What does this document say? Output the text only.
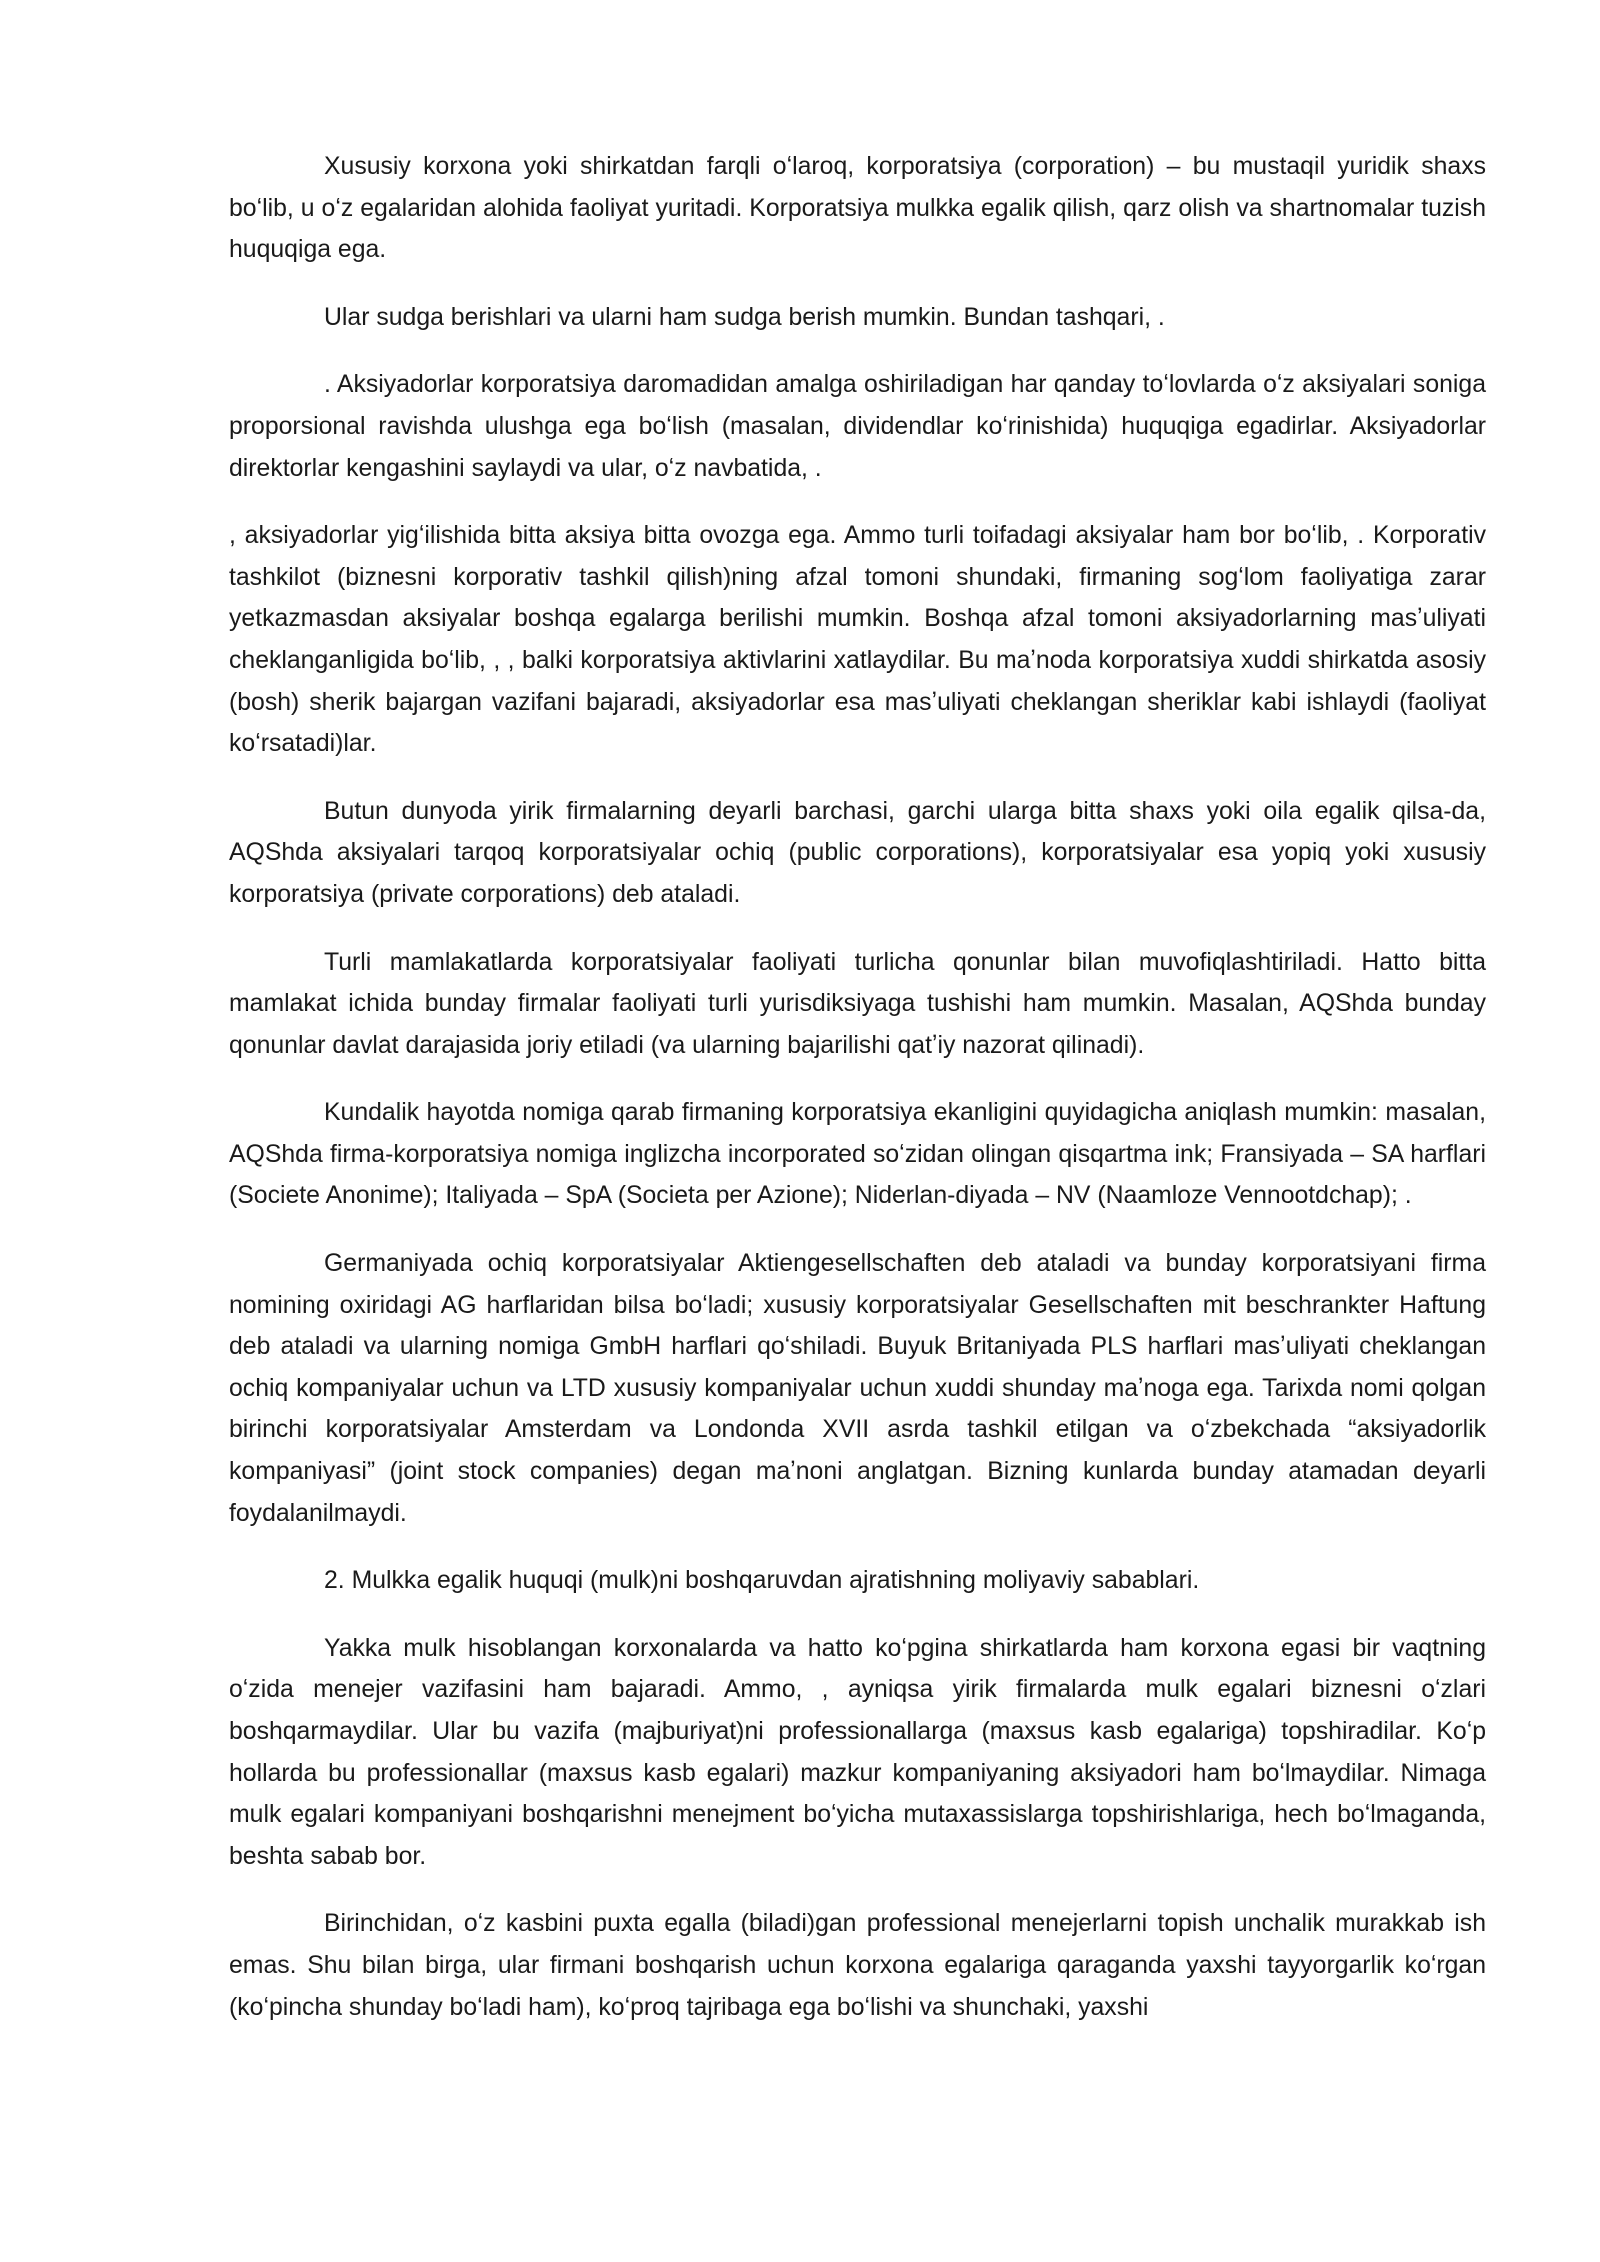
Xususiy korxona yoki shirkatdan farqli oʻlaroq, korporatsiya (corporation) – bu mustaqil yuridik shaxs boʻlib, u oʻz egalaridan alohida faoliyat yuritadi. Korporatsiya mulkka egalik qilish, qarz olish va shartnomalar tuzish huquqiga ega.

Ular sudga berishlari va ularni ham sudga berish mumkin. Bundan tashqari, .

. Aksiyadorlar korporatsiya daromadidan amalga oshiriladigan har qanday toʻlovlarda oʻz aksiyalari soniga proporsional ravishda ulushga ega boʻlish (masalan, dividendlar koʻrinishida) huquqiga egadirlar. Aksiyadorlar direktorlar kengashini saylaydi va ular, oʻz navbatida, .

, aksiyadorlar yigʻilishida bitta aksiya bitta ovozga ega. Ammo turli toifadagi aksiyalar ham bor boʻlib, . Korporativ tashkilot (biznesni korporativ tashkil qilish)ning afzal tomoni shundaki, firmaning sogʻlom faoliyatiga zarar yetkazmasdan aksiyalar boshqa egalarga berilishi mumkin. Boshqa afzal tomoni aksiyadorlarning masʼuliyati cheklanganligida boʻlib, , , balki korporatsiya aktivlarini xatlaydilar. Bu maʼnoda korporatsiya xuddi shirkatda asosiy (bosh) sherik bajargan vazifani bajaradi, aksiyadorlar esa masʼuliyati cheklangan sheriklar kabi ishlaydi (faoliyat koʻrsatadi)lar.

Butun dunyoda yirik firmalarning deyarli barchasi, garchi ularga bitta shaxs yoki oila egalik qilsa-da, AQShda aksiyalari tarqoq korporatsiyalar ochiq (public corporations), korporatsiyalar esa yopiq yoki xususiy korporatsiya (private corporations) deb ataladi.

Turli mamlakatlarda korporatsiyalar faoliyati turlicha qonunlar bilan muvofiqlashtiriladi. Hatto bitta mamlakat ichida bunday firmalar faoliyati turli yurisdiksiyaga tushishi ham mumkin. Masalan, AQShda bunday qonunlar davlat darajasida joriy etiladi (va ularning bajarilishi qatʼiy nazorat qilinadi).

Kundalik hayotda nomiga qarab firmaning korporatsiya ekanligini quyidagicha aniqlash mumkin: masalan, AQShda firma-korporatsiya nomiga inglizcha incorporated soʻzidan olingan qisqartma ink; Fransiyada – SA harflari (Societe Anonime); Italiyada – SpA (Societa per Azione); Niderlan-diyada – NV (Naamloze Vennootdchap); .

Germaniyada ochiq korporatsiyalar Aktiengesellschaften deb ataladi va bunday korporatsiyani firma nomining oxiridagi AG harflaridan bilsa boʻladi; xususiy korporatsiyalar Gesellschaften mit beschrankter Haftung deb ataladi va ularning nomiga GmbH harflari qoʻshiladi. Buyuk Britaniyada PLS harflari masʼuliyati cheklangan ochiq kompaniyalar uchun va LTD xususiy kompaniyalar uchun xuddi shunday maʼnoga ega. Tarixda nomi qolgan birinchi korporatsiyalar Amsterdam va Londonda XVII asrda tashkil etilgan va oʻzbekchada “aksiyadorlik kompaniyasi” (joint stock companies) degan maʼnoni anglatgan. Bizning kunlarda bunday atamadan deyarli foydalanilmaydi.

2. Mulkka egalik huquqi (mulk)ni boshqaruvdan ajratishning moliyaviy sabablari.

Yakka mulk hisoblangan korxonalarda va hatto koʻpgina shirkatlarda ham korxona egasi bir vaqtning oʻzida menejer vazifasini ham bajaradi. Ammo, , ayniqsa yirik firmalarda mulk egalari biznesni oʻzlari boshqarmaydilar. Ular bu vazifa (majburiyat)ni professionallarga (maxsus kasb egalariga) topshiradilar. Koʻp hollarda bu professionallar (maxsus kasb egalari) mazkur kompaniyaning aksiyadori ham boʻlmaydilar. Nimaga mulk egalari kompaniyani boshqarishni menejment boʻyicha mutaxassislarga topshirishlariga, hech boʻlmaganda, beshta sabab bor.

Birinchidan, oʻz kasbini puxta egalla (biladi)gan professional menejerlarni topish unchalik murakkab ish emas. Shu bilan birga, ular firmani boshqarish uchun korxona egalariga qaraganda yaxshi tayyorgarlik koʻrgan (koʻpincha shunday boʻladi ham), koʻproq tajribaga ega boʻlishi va shunchaki, yaxshi
